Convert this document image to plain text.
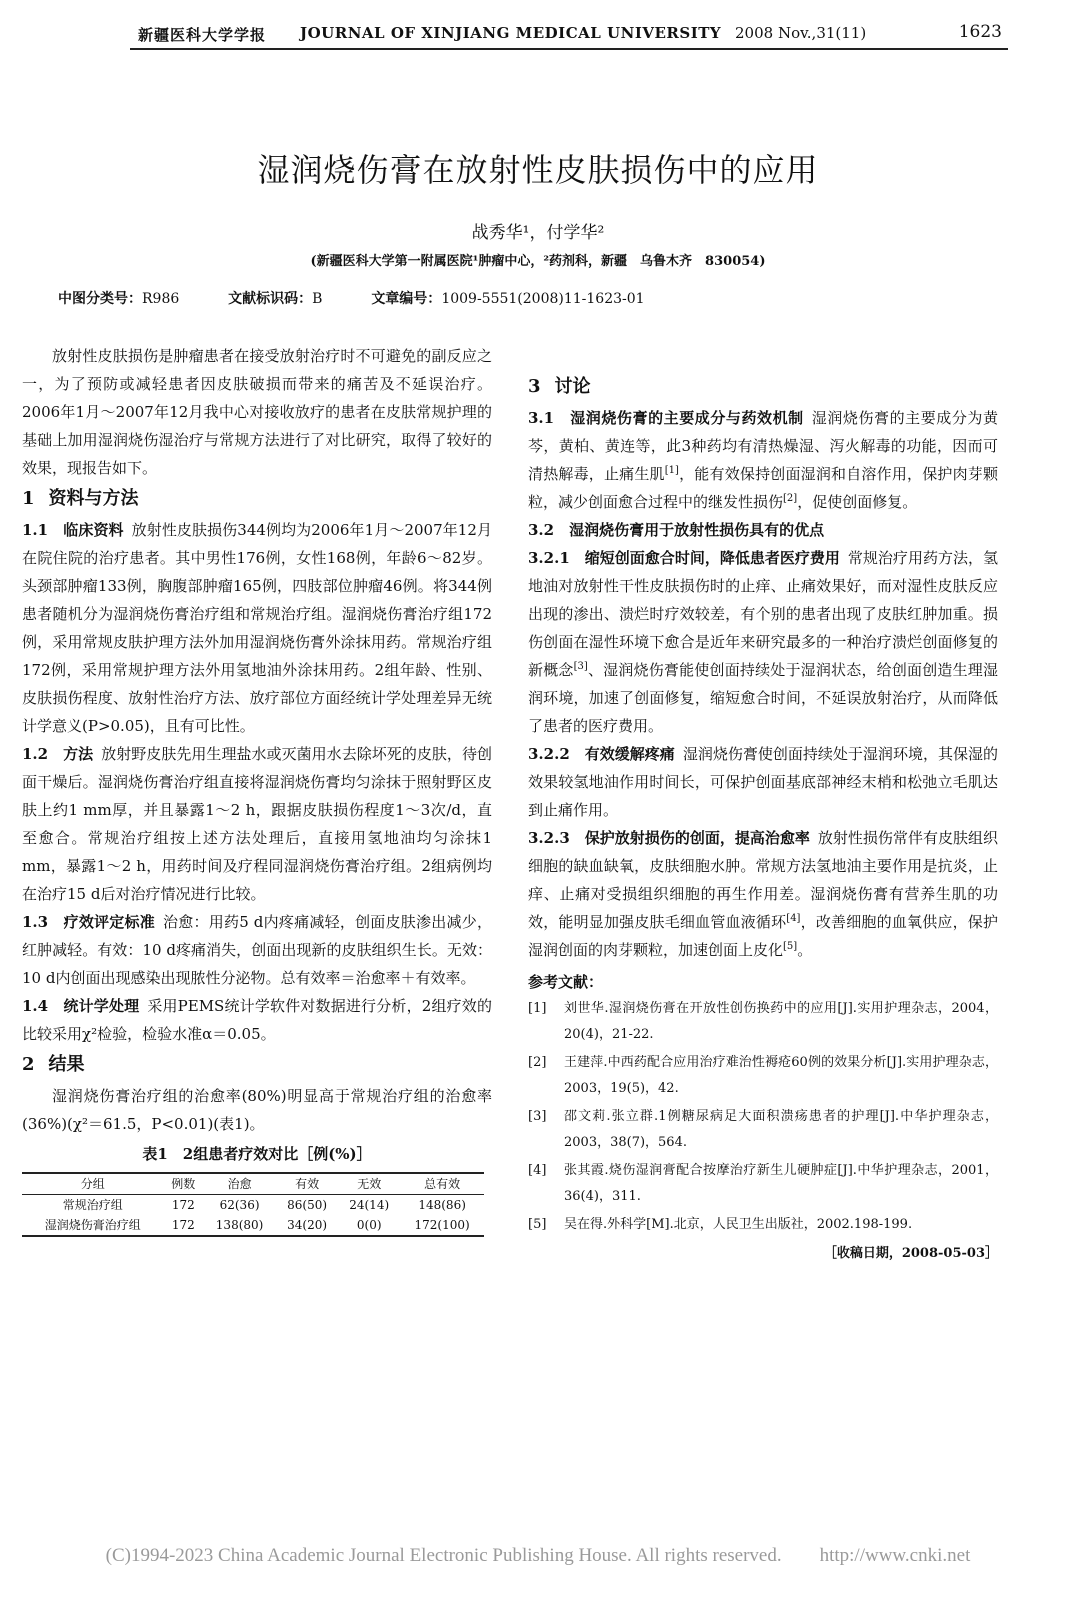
新疆医科大学学报 JOURNAL OF XINJIANG MEDICAL UNIVERSITY 2008 Nov.,31(11)	1623
湿润烧伤膏在放射性皮肤损伤中的应用
战秀华¹，付学华²
(新疆医科大学第一附属医院¹肿瘤中心，²药剂科，新疆　乌鲁木齐　830054)
中图分类号：R986	文献标识码：B	文章编号：1009-5551(2008)11-1623-01

放射性皮肤损伤是肿瘤患者在接受放射治疗时不可避免的副反应之一，为了预防或减轻患者因皮肤破损而带来的痛苦及不延误治疗。2006年1月～2007年12月我中心对接收放疗的患者在皮肤常规护理的基础上加用湿润烧伤湿治疗与常规方法进行了对比研究，取得了较好的效果，现报告如下。

1 资料与方法

1.1　临床资料 放射性皮肤损伤344例均为2006年1月～2007年12月在院住院的治疗患者。其中男性176例，女性168例，年龄6～82岁。头颈部肿瘤133例，胸腹部肿瘤165例，四肢部位肿瘤46例。将344例患者随机分为湿润烧伤膏治疗组和常规治疗组。湿润烧伤膏治疗组172例，采用常规皮肤护理方法外加用湿润烧伤膏外涂抹用药。常规治疗组172例，采用常规护理方法外用氢地油外涂抹用药。2组年龄、性别、皮肤损伤程度、放射性治疗方法、放疗部位方面经统计学处理差异无统计学意义(P>0.05)，且有可比性。

1.2　方法 放射野皮肤先用生理盐水或灭菌用水去除坏死的皮肤，待创面干燥后。湿润烧伤膏治疗组直接将湿润烧伤膏均匀涂抹于照射野区皮肤上约1 mm厚，并且暴露1～2 h，跟据皮肤损伤程度1～3次/d，直至愈合。常规治疗组按上述方法处理后，直接用氢地油均匀涂抹1 mm，暴露1～2 h，用药时间及疗程同湿润烧伤膏治疗组。2组病例均在治疗15 d后对治疗情况进行比较。

1.3　疗效评定标准 治愈：用药5 d内疼痛减轻，创面皮肤渗出减少，红肿减轻。有效：10 d疼痛消失，创面出现新的皮肤组织生长。无效：10 d内创面出现感染出现脓性分泌物。总有效率＝治愈率＋有效率。

1.4　统计学处理 采用PEMS统计学软件对数据进行分析，2组疗效的比较采用χ²检验，检验水准α＝0.05。

2 结果

湿润烧伤膏治疗组的治愈率(80%)明显高于常规治疗组的治愈率(36%)(χ²＝61.5，P<0.01)(表1)。

表1　2组患者疗效对比［例(%)］
分组	例数	治愈	有效	无效	总有效
常规治疗组	172	62(36)	86(50)	24(14)	148(86)
湿润烧伤膏治疗组	172	138(80)	34(20)	0(0)	172(100)
3 讨论

3.1　湿润烧伤膏的主要成分与药效机制 湿润烧伤膏的主要成分为黄芩，黄柏、黄连等，此3种药均有清热燥湿、泻火解毒的功能，因而可清热解毒，止痛生肌[1]，能有效保持创面湿润和自溶作用，保护肉芽颗粒，减少创面愈合过程中的继发性损伤[2]，促使创面修复。

3.2　湿润烧伤膏用于放射性损伤具有的优点

3.2.1　缩短创面愈合时间，降低患者医疗费用 常规治疗用药方法，氢地油对放射性干性皮肤损伤时的止痒、止痛效果好，而对湿性皮肤反应出现的渗出、溃烂时疗效较差，有个别的患者出现了皮肤红肿加重。损伤创面在湿性环境下愈合是近年来研究最多的一种治疗溃烂创面修复的新概念[3]、湿润烧伤膏能使创面持续处于湿润状态，给创面创造生理湿润环境，加速了创面修复，缩短愈合时间，不延误放射治疗，从而降低了患者的医疗费用。

3.2.2　有效缓解疼痛 湿润烧伤膏使创面持续处于湿润环境，其保湿的效果较氢地油作用时间长，可保护创面基底部神经末梢和松弛立毛肌达到止痛作用。

3.2.3　保护放射损伤的创面，提高治愈率 放射性损伤常伴有皮肤组织细胞的缺血缺氧，皮肤细胞水肿。常规方法氢地油主要作用是抗炎，止痒、止痛对受损组织细胞的再生作用差。湿润烧伤膏有营养生肌的功效，能明显加强皮肤毛细血管血液循环[4]，改善细胞的血氧供应，保护湿润创面的肉芽颗粒，加速创面上皮化[5]。

参考文献：
[1]	刘世华.湿润烧伤膏在开放性创伤换药中的应用[J].实用护理杂志，2004，20(4)，21-22.
[2]	王建萍.中西药配合应用治疗难治性褥疮60例的效果分析[J].实用护理杂志，2003，19(5)，42.
[3]	邵文莉.张立群.1例糖尿病足大面积溃疡患者的护理[J].中华护理杂志，2003，38(7)，564.
[4]	张其霞.烧伤湿润膏配合按摩治疗新生儿硬肿症[J].中华护理杂志，2001，36(4)，311.
[5]	吴在得.外科学[M].北京，人民卫生出版社，2002.198-199.
［收稿日期，2008-05-03］
(C)1994-2023 China Academic Journal Electronic Publishing House. All rights reserved.　　http://www.cnki.net
